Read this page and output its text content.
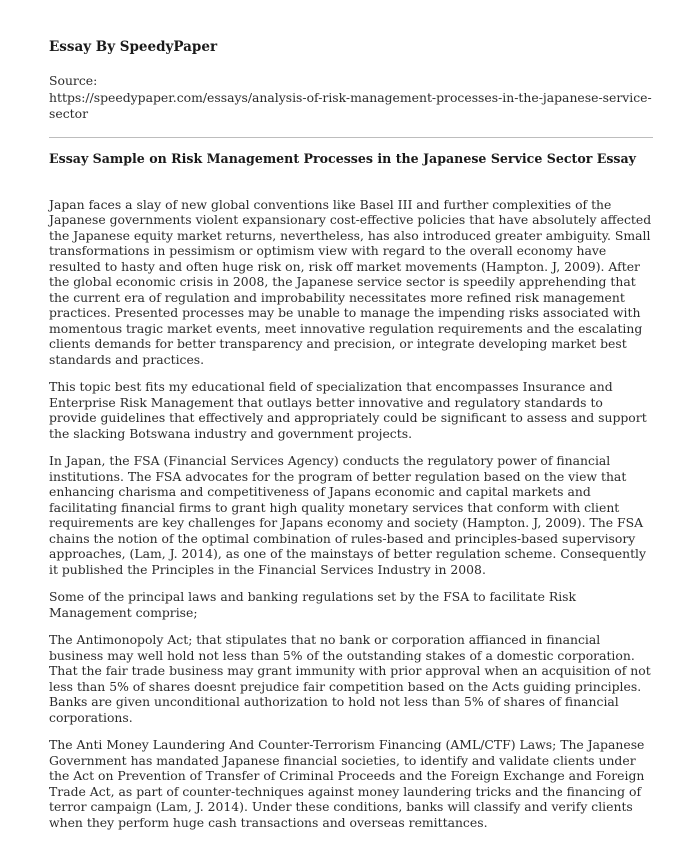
Essay By SpeedyPaper
Source:
https://speedypaper.com/essays/analysis-of-risk-management-processes-in-the-japanese-service-sector
Essay Sample on Risk Management Processes in the Japanese Service Sector Essay

Japan faces a slay of new global conventions like Basel III and further complexities of the Japanese governments violent expansionary cost-effective policies that have absolutely affected the Japanese equity market returns, nevertheless, has also introduced greater ambiguity. Small transformations in pessimism or optimism view with regard to the overall economy have resulted to hasty and often huge risk on, risk off market movements (Hampton. J, 2009). After the global economic crisis in 2008, the Japanese service sector is speedily apprehending that the current era of regulation and improbability necessitates more refined risk management practices. Presented processes may be unable to manage the impending risks associated with momentous tragic market events, meet innovative regulation requirements and the escalating clients demands for better transparency and precision, or integrate developing market best standards and practices.

This topic best fits my educational field of specialization that encompasses Insurance and Enterprise Risk Management that outlays better innovative and regulatory standards to provide guidelines that effectively and appropriately could be significant to assess and support the slacking Botswana industry and government projects.

In Japan, the FSA (Financial Services Agency) conducts the regulatory power of financial institutions. The FSA advocates for the program of better regulation based on the view that enhancing charisma and competitiveness of Japans economic and capital markets and facilitating financial firms to grant high quality monetary services that conform with client requirements are key challenges for Japans economy and society (Hampton. J, 2009). The FSA chains the notion of the optimal combination of rules-based and principles-based supervisory approaches, (Lam, J. 2014), as one of the mainstays of better regulation scheme. Consequently it published the Principles in the Financial Services Industry in 2008.

Some of the principal laws and banking regulations set by the FSA to facilitate Risk Management comprise;

The Antimonopoly Act; that stipulates that no bank or corporation affianced in financial business may well hold not less than 5% of the outstanding stakes of a domestic corporation. That the fair trade business may grant immunity with prior approval when an acquisition of not less than 5% of shares doesnt prejudice fair competition based on the Acts guiding principles. Banks are given unconditional authorization to hold not less than 5% of shares of financial corporations.

The Anti Money Laundering And Counter-Terrorism Financing (AML/CTF) Laws; The Japanese Government has mandated Japanese financial societies, to identify and validate clients under the Act on Prevention of Transfer of Criminal Proceeds and the Foreign Exchange and Foreign Trade Act, as part of counter-techniques against money laundering tricks and the financing of terror campaign (Lam, J. 2014). Under these conditions, banks will classify and verify clients when they perform huge cash transactions and overseas remittances.
